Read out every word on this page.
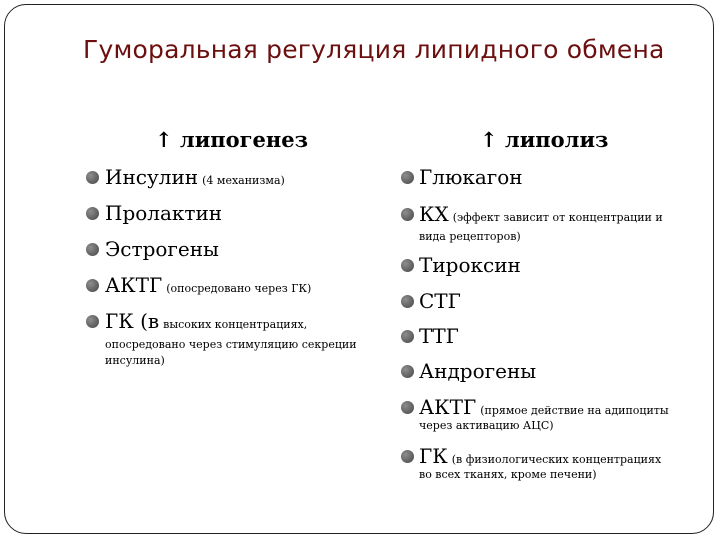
Гуморальная регуляция липидного обмена
↑ липогенез
Инсулин (4 механизма)
Пролактин
Эстрогены
АКТГ (опосредовано через ГК)
ГК (в высоких концентрациях,
опосредовано через стимуляцию секреции
инсулина)
↑ липолиз
Глюкагон
КХ (эффект зависит от концентрации и
вида рецепторов)
Тироксин
СТГ
ТТГ
Андрогены
АКТГ (прямое действие на адипоциты
через активацию АЦС)
ГК (в физиологических концентрациях
во всех тканях, кроме печени)
